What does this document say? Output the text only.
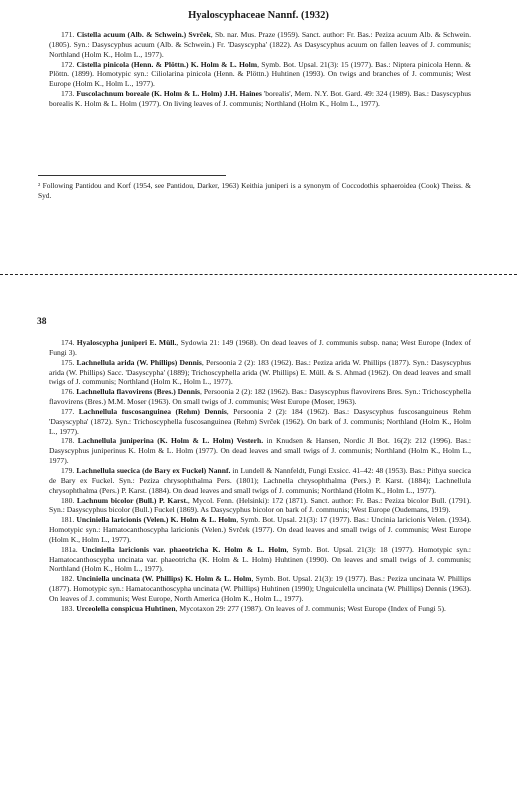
Hyaloscyphaceae Nannf. (1932)

171. Cistella acuum (Alb. & Schwein.) Svrček, Sb. nar. Mus. Praze (1959). Sanct. author: Fr. Bas.: Peziza acuum Alb. & Schwein. (1805). Syn.: Dasyscyphus acuum (Alb. & Schwein.) Fr. 'Dasyscypha' (1822). As Dasyscyphus acuum on fallen leaves of J. communis; Northland (Holm K., Holm L., 1977).

172. Cistella pinicola (Henn. & Plöttn.) K. Holm & L. Holm, Symb. Bot. Upsal. 21(3): 15 (1977). Bas.: Niptera pinicola Henn. & Plöttn. (1899). Homotypic syn.: Ciliolarina pinicola (Henn. & Plöttn.) Huhtinen (1993). On twigs and branches of J. communis; West Europe (Holm K., Holm L., 1977).

173. Fuscolachnum boreale (K. Holm & L. Holm) J.H. Haines 'borealis', Mem. N.Y. Bot. Gard. 49: 324 (1989). Bas.: Dasyscyphus borealis K. Holm & L. Holm (1977). On living leaves of J. communis; Northland (Holm K., Holm L., 1977).

² Following Pantidou and Korf (1954, see Pantidou, Darker, 1963) Keithia juniperi is a synonym of Coccodothis sphaeroidea (Cook) Theiss. & Syd.
38

174. Hyaloscypha juniperi E. Müll., Sydowia 21: 149 (1968). On dead leaves of J. communis subsp. nana; West Europe (Index of Fungi 3).

175. Lachnellula arida (W. Phillips) Dennis, Persoonia 2 (2): 183 (1962). Bas.: Peziza arida W. Phillips (1877). Syn.: Dasyscyphus arida (W. Phillips) Sacc. 'Dasyscypha' (1889); Trichoscyphella arida (W. Phillips) E. Müll. & S. Ahmad (1962). On dead leaves and small twigs of J. communis; Northland (Holm K., Holm L., 1977).

176. Lachnellula flavovirens (Bres.) Dennis, Persoonia 2 (2): 182 (1962). Bas.: Dasyscyphus flavovirens Bres. Syn.: Trichoscyphella flavovirens (Bres.) M.M. Moser (1963). On small twigs of J. communis; West Europe (Moser, 1963).

177. Lachnellula fuscosanguinea (Rehm) Dennis, Persoonia 2 (2): 184 (1962). Bas.: Dasyscyphus fuscosanguineus Rehm 'Dasyscypha' (1872). Syn.: Trichoscyphella fuscosanguinea (Rehm) Svrček (1962). On bark of J. communis; Northland (Holm K., Holm L., 1977).

178. Lachnellula juniperina (K. Holm & L. Holm) Vesterh. in Knudsen & Hansen, Nordic Jl Bot. 16(2): 212 (1996). Bas.: Dasyscyphus juniperinus K. Holm & L. Holm (1977). On dead leaves and small twigs of J. communis; Northland (Holm K., Holm L., 1977).

179. Lachnellula suecica (de Bary ex Fuckel) Nannf. in Lundell & Nannfeldt, Fungi Exsicc. 41–42: 48 (1953). Bas.: Pithya suecica de Bary ex Fuckel. Syn.: Peziza chrysophthalma Pers. (1801); Lachnella chrysophthalma (Pers.) P. Karst. (1884); Lachnellula chrysophthalma (Pers.) P. Karst. (1884). On dead leaves and small twigs of J. communis; Northland (Holm K., Holm L., 1977).

180. Lachnum bicolor (Bull.) P. Karst., Mycol. Fenn. (Helsinki): 172 (1871). Sanct. author: Fr. Bas.: Peziza bicolor Bull. (1791). Syn.: Dasyscyphus bicolor (Bull.) Fuckel (1869). As Dasyscyphus bicolor on bark of J. communis; West Europe (Oudemans, 1919).

181. Unciniella laricionis (Velen.) K. Holm & L. Holm, Symb. Bot. Upsal. 21(3): 17 (1977). Bas.: Uncinia laricionis Velen. (1934). Homotypic syn.: Hamatocanthoscypha laricionis (Velen.) Svrček (1977). On dead leaves and small twigs of J. communis; West Europe (Holm K., Holm L., 1977).

181a. Unciniella laricionis var. phaeotricha K. Holm & L. Holm, Symb. Bot. Upsal. 21(3): 18 (1977). Homotypic syn.: Hamatocanthoscypha uncinata var. phaeotricha (K. Holm & L. Holm) Huhtinen (1990). On leaves and small twigs of J. communis; Northland (Holm K., Holm L., 1977).

182. Unciniella uncinata (W. Phillips) K. Holm & L. Holm, Symb. Bot. Upsal. 21(3): 19 (1977). Bas.: Peziza uncinata W. Phillips (1877). Homotypic syn.: Hamatocanthoscypha uncinata (W. Phillips) Huhtinen (1990); Unguiculella uncinata (W. Phillips) Dennis (1963). On leaves of J. communis; West Europe, North America (Holm K., Holm L., 1977).

183. Urceolella conspicua Huhtinen, Mycotaxon 29: 277 (1987). On leaves of J. communis; West Europe (Index of Fungi 5).
